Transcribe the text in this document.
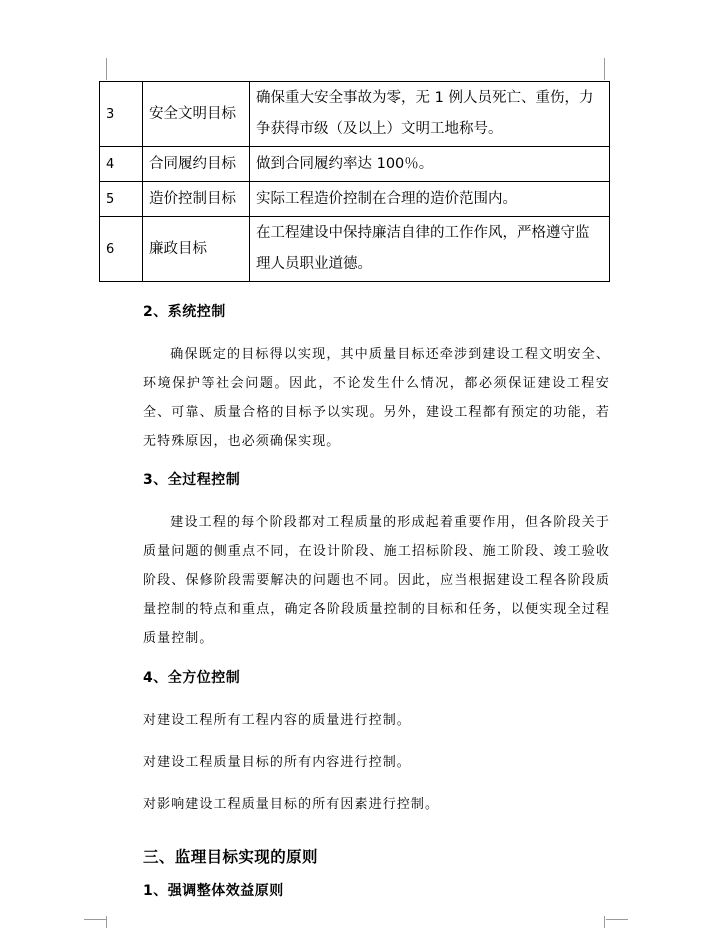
3	安全文明目标	确保重大安全事故为零，无 1 例人员死亡、重伤，力争获得市级（及以上）文明工地称号。
4	合同履约目标	做到合同履约率达 100％。
5	造价控制目标	实际工程造价控制在合理的造价范围内。
6	廉政目标	在工程建设中保持廉洁自律的工作作风，严格遵守监理人员职业道德。
2、系统控制
确保既定的目标得以实现，其中质量目标还牵涉到建设工程文明安全、环境保护等社会问题。因此，不论发生什么情况，都必须保证建设工程安全、可靠、质量合格的目标予以实现。另外，建设工程都有预定的功能，若无特殊原因，也必须确保实现。
3、全过程控制
建设工程的每个阶段都对工程质量的形成起着重要作用，但各阶段关于质量问题的侧重点不同，在设计阶段、施工招标阶段、施工阶段、竣工验收阶段、保修阶段需要解决的问题也不同。因此，应当根据建设工程各阶段质量控制的特点和重点，确定各阶段质量控制的目标和任务，以便实现全过程质量控制。
4、全方位控制
对建设工程所有工程内容的质量进行控制。
对建设工程质量目标的所有内容进行控制。
对影响建设工程质量目标的所有因素进行控制。
三、监理目标实现的原则
1、强调整体效益原则
